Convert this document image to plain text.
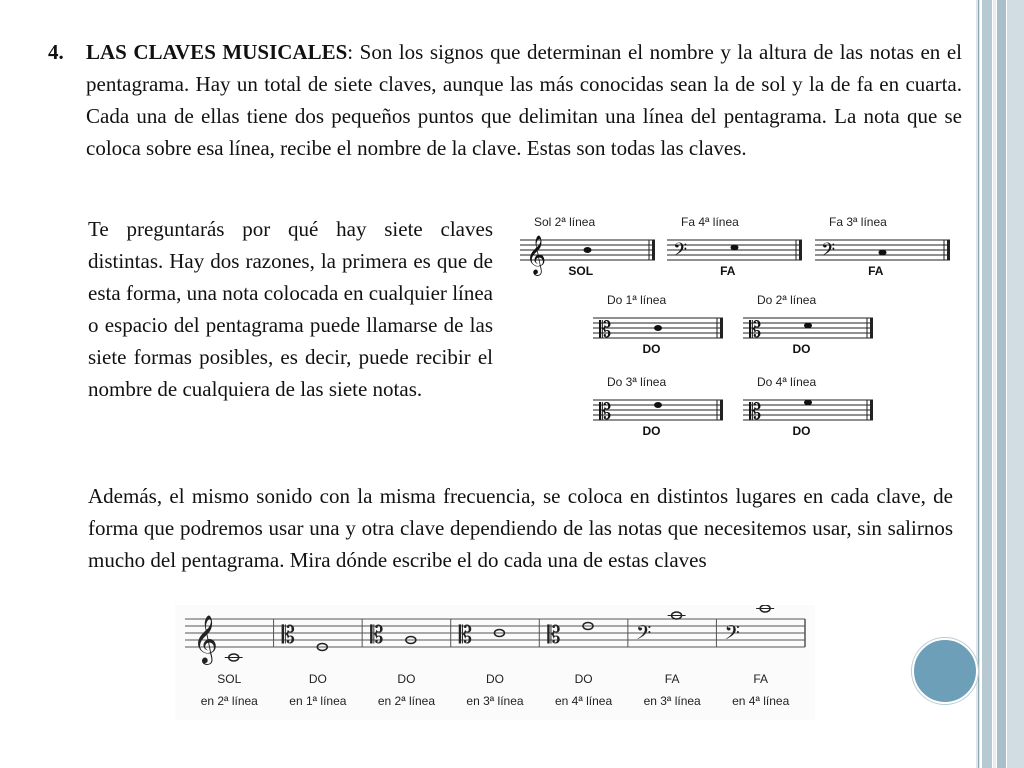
4. LAS CLAVES MUSICALES: Son los signos que determinan el nombre y la altura de las notas en el pentagrama. Hay un total de siete claves, aunque las más conocidas sean la de sol y la de fa en cuarta. Cada una de ellas tiene dos pequeños puntos que delimitan una línea del pentagrama. La nota que se coloca sobre esa línea, recibe el nombre de la clave. Estas son todas las claves.

Te preguntarás por qué hay siete claves distintas. Hay dos razones, la primera es que de esta forma, una nota colocada en cualquier línea o espacio del pentagrama puede llamarse de las siete formas posibles, es decir, puede recibir el nombre de cualquiera de las siete notas.

Sol 2ª línea
𝄞 SOL
Fa 4ª línea
𝄢
FA
Fa 3ª línea
𝄢
FA
Do 1ª línea
𝄡
DO
Do 2ª línea
𝄡
DO
Do 3ª línea
𝄡
DO
Do 4ª línea
𝄡
DO

Además, el mismo sonido con la misma frecuencia, se coloca en distintos lugares en cada clave, de forma que podremos usar una y otra clave dependiendo de las notas que necesitemos usar, sin salirnos mucho del pentagrama. Mira dónde escribe el do cada una de estas claves

𝄞
SOL
en 2ª línea
𝄡
DO
en 1ª línea
𝄡
DO
en 2ª línea
𝄡
DO
en 3ª línea
𝄡
DO
en 4ª línea
𝄢
FA
en 3ª línea
𝄢
FA
en 4ª línea
